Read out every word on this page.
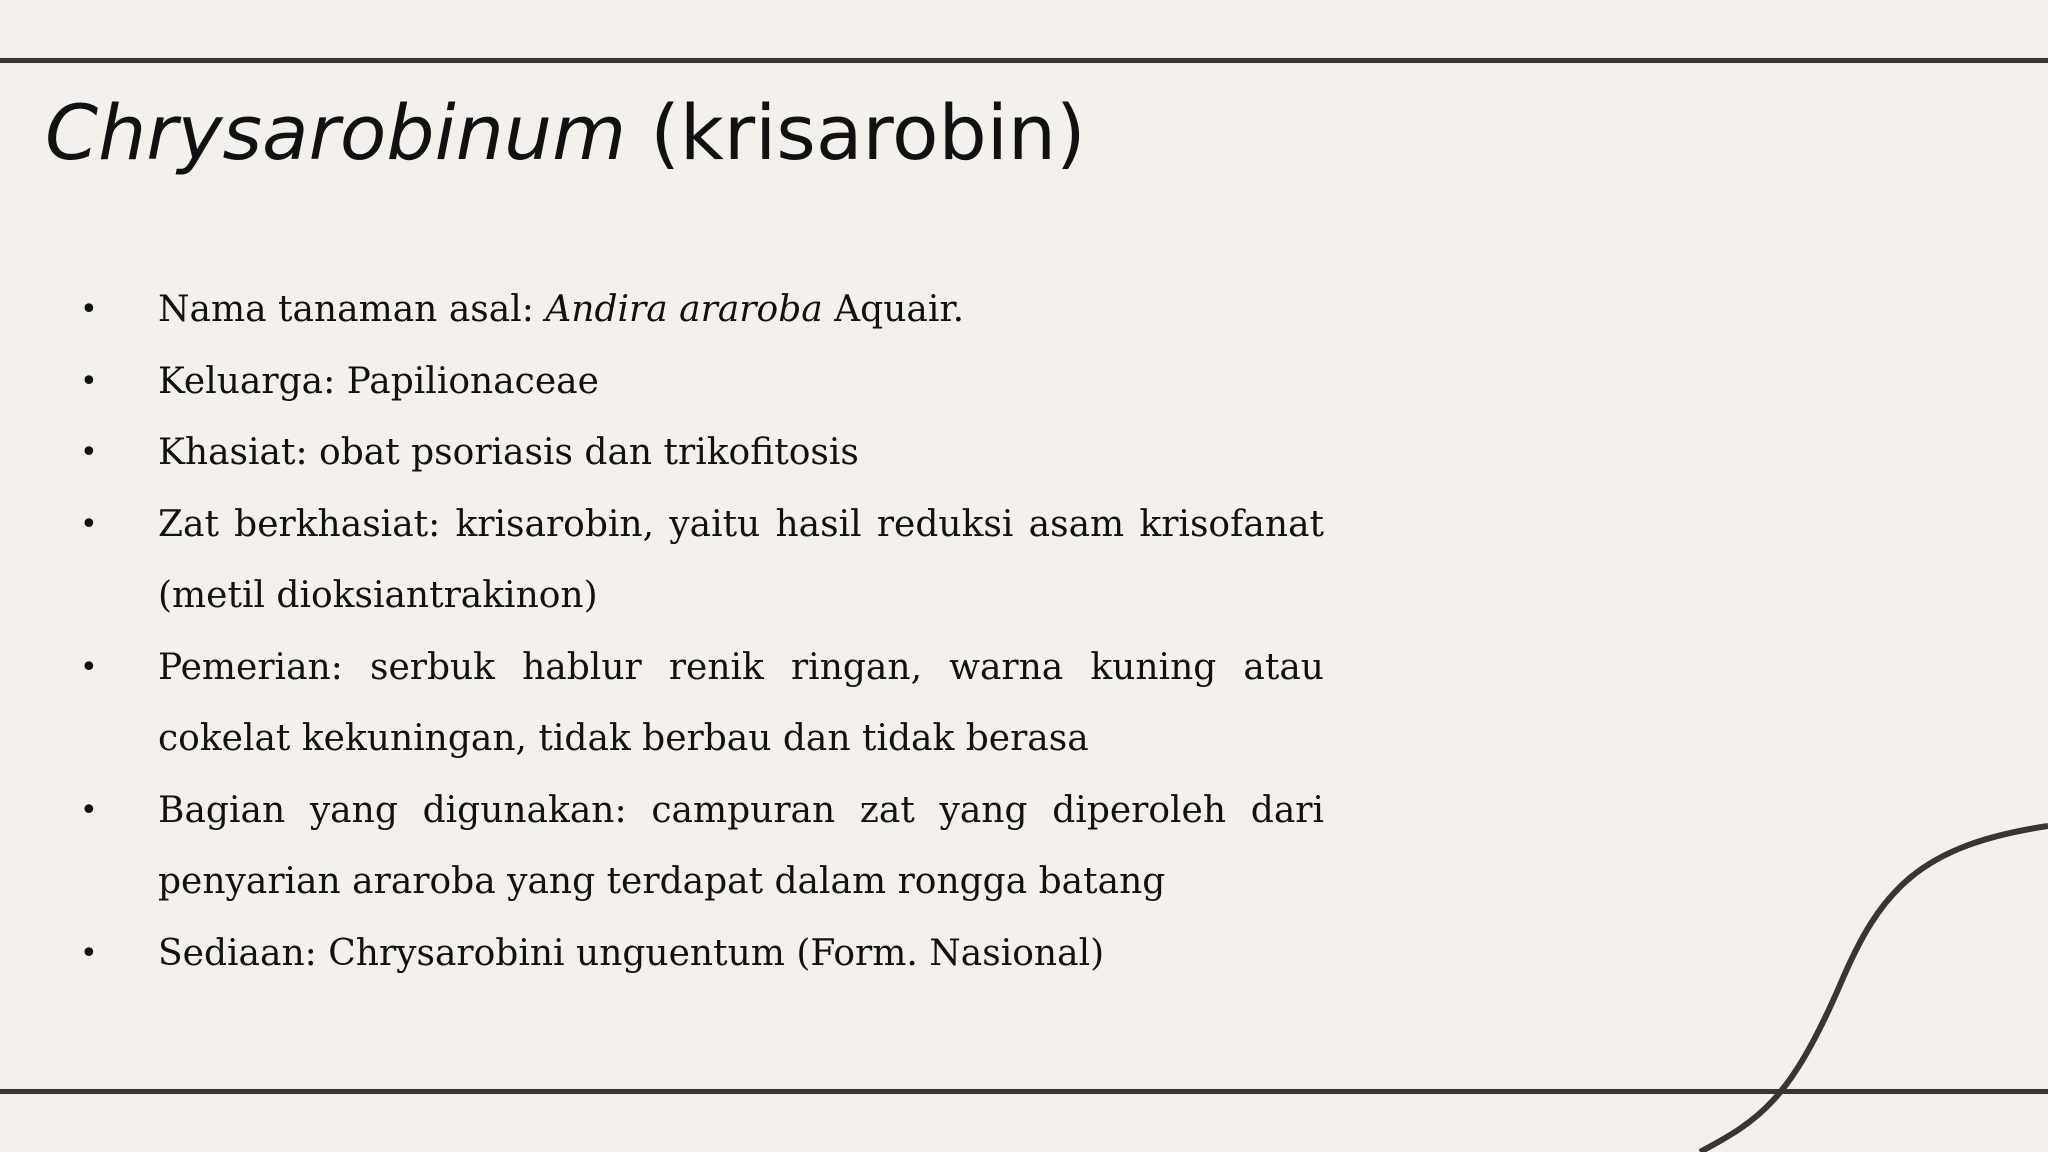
Chrysarobinum (krisarobin)
• Nama tanaman asal: Andira araroba Aquair.
• Keluarga: Papilionaceae
• Khasiat: obat psoriasis dan trikofitosis
• Zat berkhasiat: krisarobin, yaitu hasil reduksi asam krisofanat (metil dioksiantrakinon)
• Pemerian: serbuk hablur renik ringan, warna kuning atau cokelat kekuningan, tidak berbau dan tidak berasa
• Bagian yang digunakan: campuran zat yang diperoleh dari penyarian araroba yang terdapat dalam rongga batang
• Sediaan: Chrysarobini unguentum (Form. Nasional)
